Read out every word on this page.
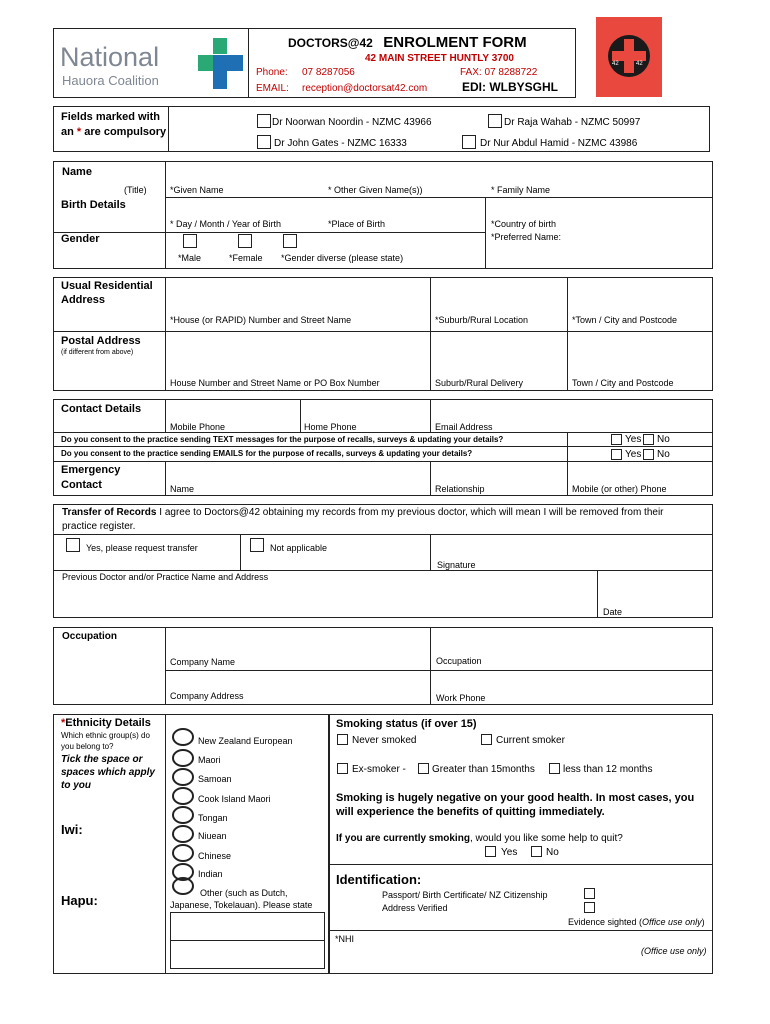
National
Hauora Coalition
DOCTORS@42 ENROLMENT FORM
42 MAIN STREET HUNTLY 3700
Phone: 07 8287056	FAX: 07 8288722
EMAIL: reception@doctorsat42.com	EDI: WLBYSGHL
42	42
Fields marked with
an * are compulsory
Dr Noorwan Noordin - NZMC 43966	Dr Raja Wahab - NZMC 50997
Dr John Gates - NZMC 16333	Dr Nur Abdul Hamid - NZMC 43986
Name
(Title)	*Given Name	* Other Given Name(s))	* Family Name
Birth Details
* Day / Month / Year of Birth	*Place of Birth	*Country of birth
*Preferred Name:
Gender
*Male	*Female *Gender diverse (please state)
Usual Residential
Address
*House (or RAPID) Number and Street Name	*Suburb/Rural Location	*Town / City and Postcode
Postal Address
(if different from above)
House Number and Street Name or PO Box Number	Suburb/Rural Delivery	Town / City and Postcode
Contact Details
Mobile Phone	Home Phone	Email Address
Do you consent to the practice sending TEXT messages for the purpose of recalls, surveys & updating your details?
Do you consent to the practice sending EMAILS for the purpose of recalls, surveys & updating your details?
Yes No
Yes No
Emergency
Contact	Name	Relationship	Mobile (or other) Phone
Transfer of Records I agree to Doctors@42 obtaining my records from my previous doctor, which will mean I will be removed from their
practice register.
Yes, please request transfer	Not applicable
Signature
Previous Doctor and/or Practice Name and Address
Date
Occupation
Company Name	Occupation
Company Address	Work Phone
*Ethnicity Details
Which ethnic group(s) do
you belong to?
Tick the space or
spaces which apply
to you
Iwi:
Hapu:
New Zealand European
Maori
Samoan
Cook Island Maori
Tongan
Niuean
Chinese
Indian
Other (such as Dutch,
Japanese, Tokelauan). Please state
Smoking status (if over 15)
Never smoked	Current smoker
Ex-smoker -	Greater than 15months	less than 12 months
Smoking is hugely negative on your good health. In most cases, you
will experience the benefits of quitting immediately.
If you are currently smoking, would you like some help to quit?
Yes	No
Identification:
Passport/ Birth Certificate/ NZ Citizenship
Address Verified
Evidence sighted (Office use only)
*NHI
(Office use only)
